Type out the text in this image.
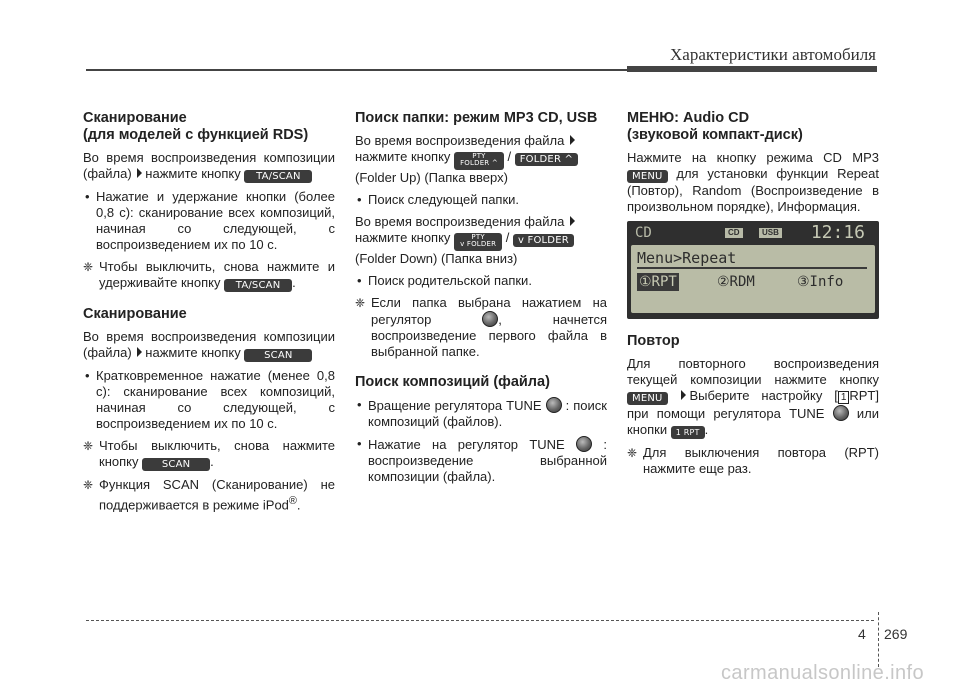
Характеристики автомобиля
Сканирование
(для моделей с функцией RDS)

Во время воспроизведения композиции (файла) нажмите кнопку TA/SCAN

• Нажатие и удержание кнопки (более 0,8 с): сканирование всех композиций, начиная со следующей, с воспроизведением их по 10 с.
❈ Чтобы выключить, снова нажмите и удерживайте кнопку TA/SCAN .
Сканирование

Во время воспроизведения композиции (файла) нажмите кнопку SCAN

• Кратковременное нажатие (менее 0,8 с): сканирование всех композиций, начиная со следующей, с воспроизведением их по 10 с.
❈ Чтобы выключить, снова нажмите кнопку SCAN .
❈ Функция SCAN (Сканирование) не поддерживается в режиме iPod®.
Поиск папки: режим MP3 CD, USB

Во время воспроизведения файла
нажмите кнопку	PTY
FOLDER ^ / FOLDER ^
(Folder Up) (Папка вверх)

• Поиск следующей папки.

Во время воспроизведения файла
нажмите кнопку	PTY
v FOLDER / v FOLDER
(Folder Down) (Папка вниз)

• Поиск родительской папки.
❈ Если папка выбрана нажатием на регулятор	, начнется воспроизведение первого файла в выбранной папке.
Поиск композиций (файла)
• Вращение регулятора TUNE : поиск композиций (файлов).
• Нажатие на регулятор TUNE	: воспроизведение выбранной композиции (файла).
МЕНЮ: Audio CD
(звуковой компакт-диск)

Нажмите на кнопку режима CD MP3 MENU для установки функции Repeat (Повтор), Random (Воспроизведение в произвольном порядке), Информация.

CD	CD	USB 12:16
Menu>Repeat
①RPT	②RDM	③Info
Повтор

Для повторного воспроизведения текущей композиции нажмите кнопку MENU Выберите настройку [ 1 RPT] при помощи регулятора TUNE или кнопки 1 RPT .

❈ Для выключения повтора (RPT) нажмите еще раз.
4 269
carmanualsonline.info
